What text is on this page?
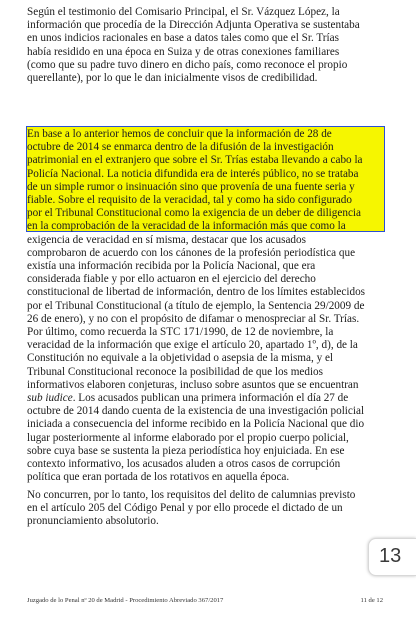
Según el testimonio del Comisario Principal, el Sr. Vázquez López, la
información que procedía de la Dirección Adjunta Operativa se sustentaba
en unos indicios racionales en base a datos tales como que el Sr. Trías
había residido en una época en Suiza y de otras conexiones familiares
(como que su padre tuvo dinero en dicho país, como reconoce el propio
querellante), por lo que le dan inicialmente visos de credibilidad.
En base a lo anterior hemos de concluir que la información de 28 de
octubre de 2014 se enmarca dentro de la difusión de la investigación
patrimonial en el extranjero que sobre el Sr. Trías estaba llevando a cabo la
Policía Nacional. La noticia difundida era de interés público, no se trataba
de un simple rumor o insinuación sino que provenía de una fuente seria y
fiable. Sobre el requisito de la veracidad, tal y como ha sido configurado
por el Tribunal Constitucional como la exigencia de un deber de diligencia
en la comprobación de la veracidad de la información más que como la
exigencia de veracidad en sí misma, destacar que los acusados
comprobaron de acuerdo con los cánones de la profesión periodística que
existía una información recibida por la Policía Nacional, que era
considerada fiable y por ello actuaron en el ejercicio del derecho
constitucional de libertad de información, dentro de los límites establecidos
por el Tribunal Constitucional (a título de ejemplo, la Sentencia 29/2009 de
26 de enero), y no con el propósito de difamar o menospreciar al Sr. Trías.
Por último, como recuerda la STC 171/1990, de 12 de noviembre, la
veracidad de la información que exige el artículo 20, apartado 1º, d), de la
Constitución no equivale a la objetividad o asepsia de la misma, y el
Tribunal Constitucional reconoce la posibilidad de que los medios
informativos elaboren conjeturas, incluso sobre asuntos que se encuentran
sub iudice. Los acusados publican una primera información el día 27 de
octubre de 2014 dando cuenta de la existencia de una investigación policial
iniciada a consecuencia del informe recibido en la Policía Nacional que dio
lugar posteriormente al informe elaborado por el propio cuerpo policial,
sobre cuya base se sustenta la pieza periodística hoy enjuiciada. En ese
contexto informativo, los acusados aluden a otros casos de corrupción
política que eran portada de los rotativos en aquella época.
No concurren, por lo tanto, los requisitos del delito de calumnias previsto
en el artículo 205 del Código Penal y por ello procede el dictado de un
pronunciamiento absolutorio.
13
Juzgado de lo Penal nº 20 de Madrid - Procedimiento Abreviado 367/2017	11 de 12
